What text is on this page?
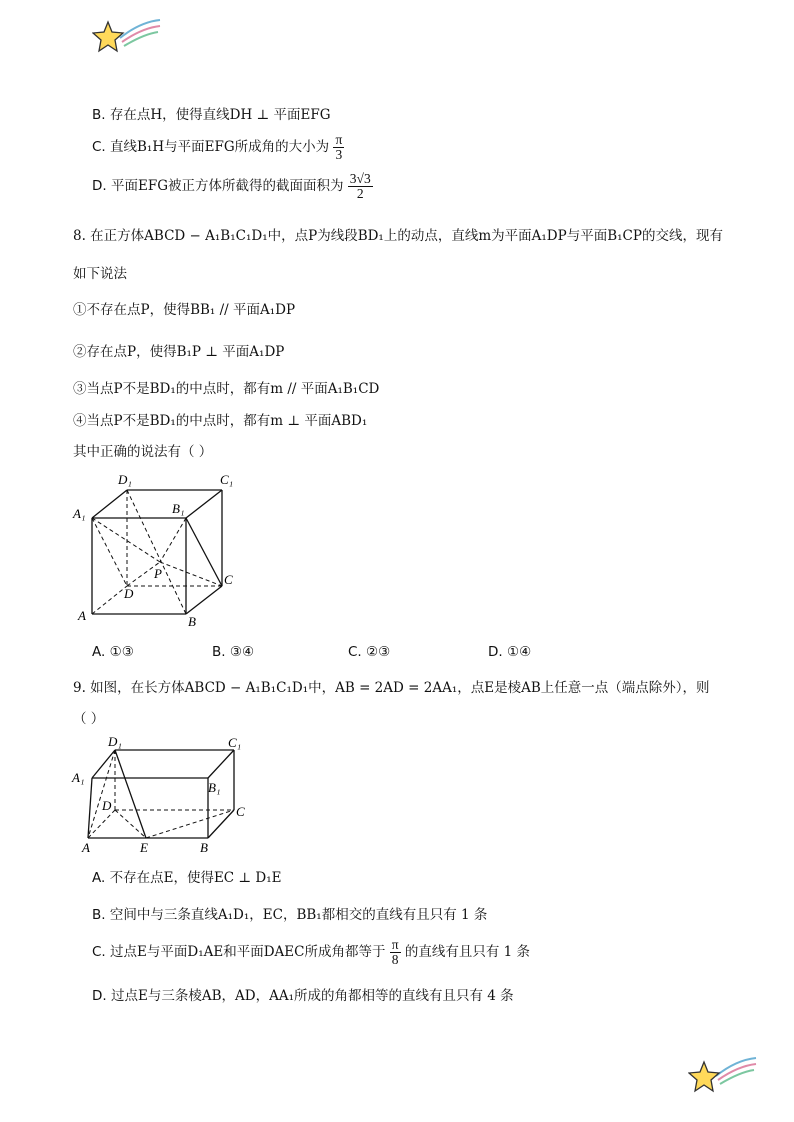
B. 存在点H，使得直线DH ⊥ 平面EFG
C. 直线B₁H与平面EFG所成角的大小为 $\frac{\pi}{3}$
D. 平面EFG被正方体所截得的截面面积为 $\frac{3√3}{2}$
8. 在正方体ABCD − A₁B₁C₁D₁中，点P为线段BD₁上的动点，直线m为平面A₁DP与平面B₁CP的交线，现有
如下说法
①不存在点P，使得BB₁ // 平面A₁DP
②存在点P，使得B₁P ⊥ 平面A₁DP
③当点P不是BD₁的中点时，都有m // 平面A₁B₁CD
④当点P不是BD₁的中点时，都有m ⊥ 平面ABD₁
其中正确的说法有（ ）
D₁	C₁
A₁	B₁
P	C
D
A	B
A. ①③	B. ③④	C. ②③	D. ①④
9. 如图，在长方体ABCD − A₁B₁C₁D₁中，AB = 2AD = 2AA₁，点E是棱AB上任意一点（端点除外），则
（ ）
D₁	C₁
A₁
B₁
D	C
A	E	B
A. 不存在点E，使得EC ⊥ D₁E
B. 空间中与三条直线A₁D₁，EC，BB₁都相交的直线有且只有 1 条
C. 过点E与平面D₁AE和平面DAEC所成角都等于 $\frac{\pi}{8}$ 的直线有且只有 1 条
D. 过点E与三条棱AB，AD，AA₁所成的角都相等的直线有且只有 4 条
